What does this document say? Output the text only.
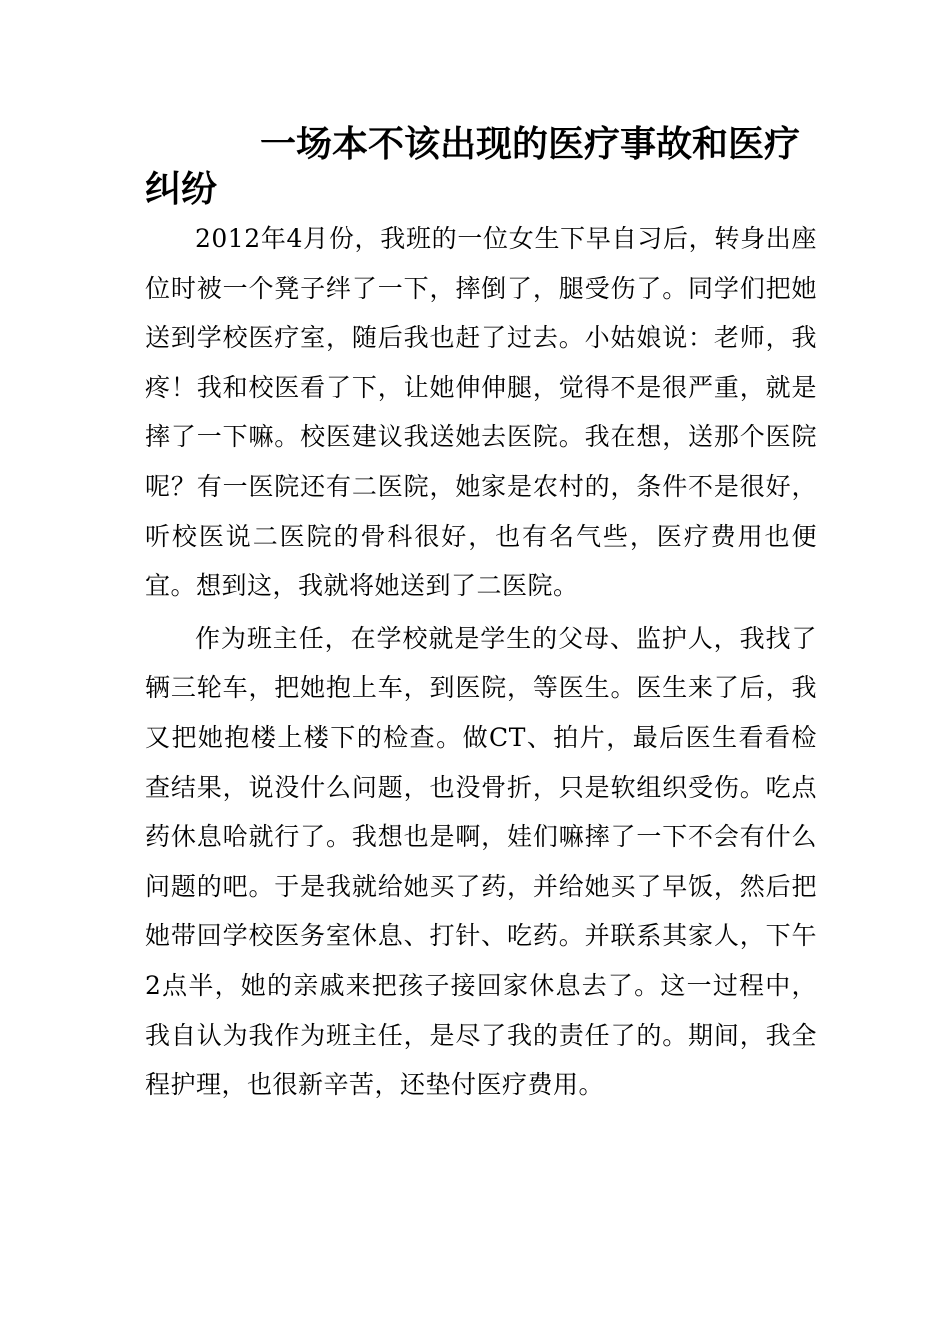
一场本不该出现的医疗事故和医疗纠纷

2012年4月份，我班的一位女生下早自习后，转身出座位时被一个凳子绊了一下，摔倒了，腿受伤了。同学们把她送到学校医疗室，随后我也赶了过去。小姑娘说：老师，我疼！我和校医看了下，让她伸伸腿，觉得不是很严重，就是摔了一下嘛。校医建议我送她去医院。我在想，送那个医院呢？有一医院还有二医院，她家是农村的，条件不是很好，听校医说二医院的骨科很好，也有名气些，医疗费用也便宜。想到这，我就将她送到了二医院。

作为班主任，在学校就是学生的父母、监护人，我找了辆三轮车，把她抱上车，到医院，等医生。医生来了后，我又把她抱楼上楼下的检查。做CT、拍片，最后医生看看检查结果，说没什么问题，也没骨折，只是软组织受伤。吃点药休息哈就行了。我想也是啊，娃们嘛摔了一下不会有什么问题的吧。于是我就给她买了药，并给她买了早饭，然后把她带回学校医务室休息、打针、吃药。并联系其家人，下午2点半，她的亲戚来把孩子接回家休息去了。这一过程中，我自认为我作为班主任，是尽了我的责任了的。期间，我全程护理，也很新辛苦，还垫付医疗费用。
